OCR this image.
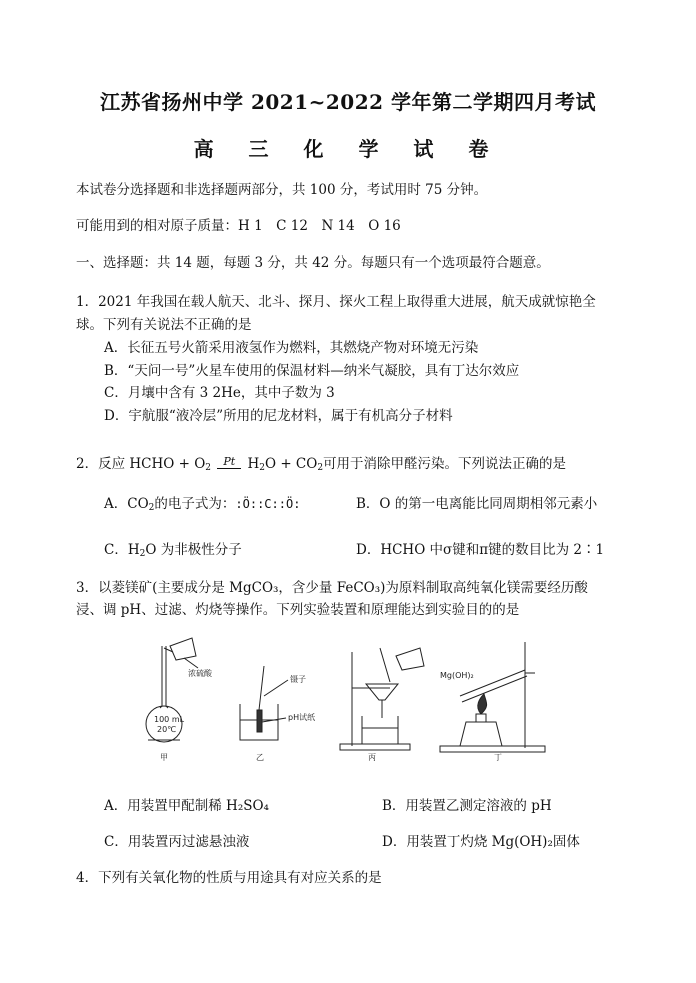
江苏省扬州中学 2021~2022 学年第二学期四月考试
高 三 化 学 试 卷
本试卷分选择题和非选择题两部分，共 100 分，考试用时 75 分钟。
可能用到的相对原子质量：H 1　C 12　N 14　O 16
一、选择题：共 14 题，每题 3 分，共 42 分。每题只有一个选项最符合题意。
1．2021 年我国在载人航天、北斗、探月、探火工程上取得重大进展，航天成就惊艳全
球。下列有关说法不正确的是
A．长征五号火箭采用液氢作为燃料，其燃烧产物对环境无污染
B．“天问一号”火星车使用的保温材料—纳米气凝胶，具有丁达尔效应
C．月壤中含有 3 2He，其中子数为 3
D．宇航服“液冷层”所用的尼龙材料，属于有机高分子材料
2．反应 HCHO + $O_2$ Pt $H_2O + CO_2$可用于消除甲醛污染。下列说法正确的是
A．$CO_2$的电子式为：:Ö::C::Ö:	B．O 的第一电离能比同周期相邻元素小
C．$H_2O$ 为非极性分子	D．HCHO 中σ键和π键的数目比为 2∶1
3．以菱镁矿(主要成分是 MgCO₃，含少量 FeCO₃)为原料制取高纯氧化镁需要经历酸
浸、调 pH、过滤、灼烧等操作。下列实验装置和原理能达到实验目的的是
浓硫酸
100 mL
20℃
镊子
pH试纸
Mg(OH)₂
甲	乙	丙	丁
A．用装置甲配制稀 H₂SO₄	B．用装置乙测定溶液的 pH
C．用装置丙过滤悬浊液	D．用装置丁灼烧 Mg(OH)₂固体
4．下列有关氧化物的性质与用途具有对应关系的是
